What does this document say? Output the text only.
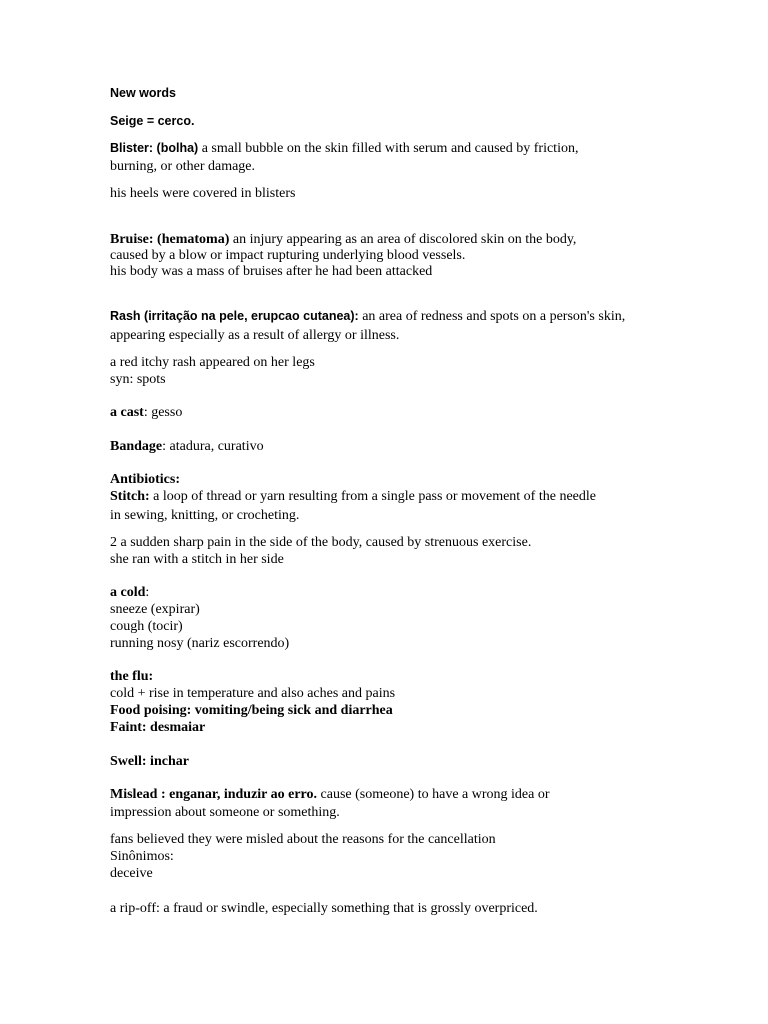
New words
Seige = cerco.
Blister: (bolha) a small bubble on the skin filled with serum and caused by friction,
burning, or other damage.
his heels were covered in blisters
Bruise: (hematoma) an injury appearing as an area of discolored skin on the body,
caused by a blow or impact rupturing underlying blood vessels.
his body was a mass of bruises after he had been attacked
Rash (irritação na pele, erupcao cutanea): an area of redness and spots on a person's skin,
appearing especially as a result of allergy or illness.
a red itchy rash appeared on her legs
syn: spots
a cast: gesso
Bandage: atadura, curativo
Antibiotics:
Stitch: a loop of thread or yarn resulting from a single pass or movement of the needle
in sewing, knitting, or crocheting.
2 a sudden sharp pain in the side of the body, caused by strenuous exercise.
she ran with a stitch in her side
a cold:
sneeze (expirar)
cough (tocir)
running nosy (nariz escorrendo)
the flu:
cold + rise in temperature and also aches and pains
Food poising: vomiting/being sick and diarrhea
Faint: desmaiar
Swell: inchar
Mislead : enganar, induzir ao erro. cause (someone) to have a wrong idea or
impression about someone or something.
fans believed they were misled about the reasons for the cancellation
Sinônimos:
deceive
a rip-off: a fraud or swindle, especially something that is grossly overpriced.
